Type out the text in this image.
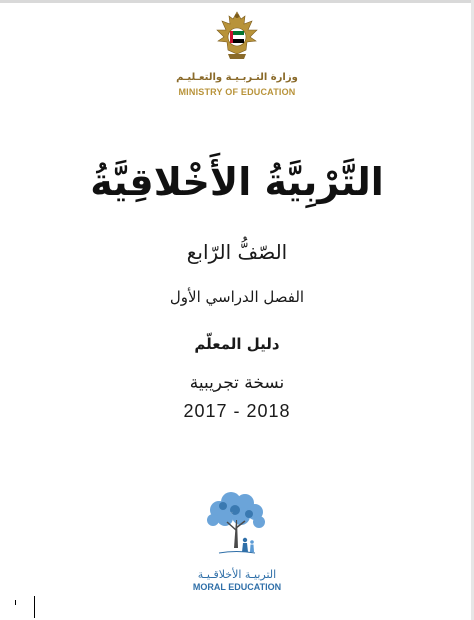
وزارة التـربـيـة والتعـليـم
MINISTRY OF EDUCATION
التَّرْبِيَّةُ الأَخْلاقِيَّةُ
الصّفُّ الرّابع
الفصل الدراسي الأول
دليل المعلّم
نسخة تجريبية
2017 - 2018
التربيـة الأخلاقـيـة
MORAL EDUCATION
